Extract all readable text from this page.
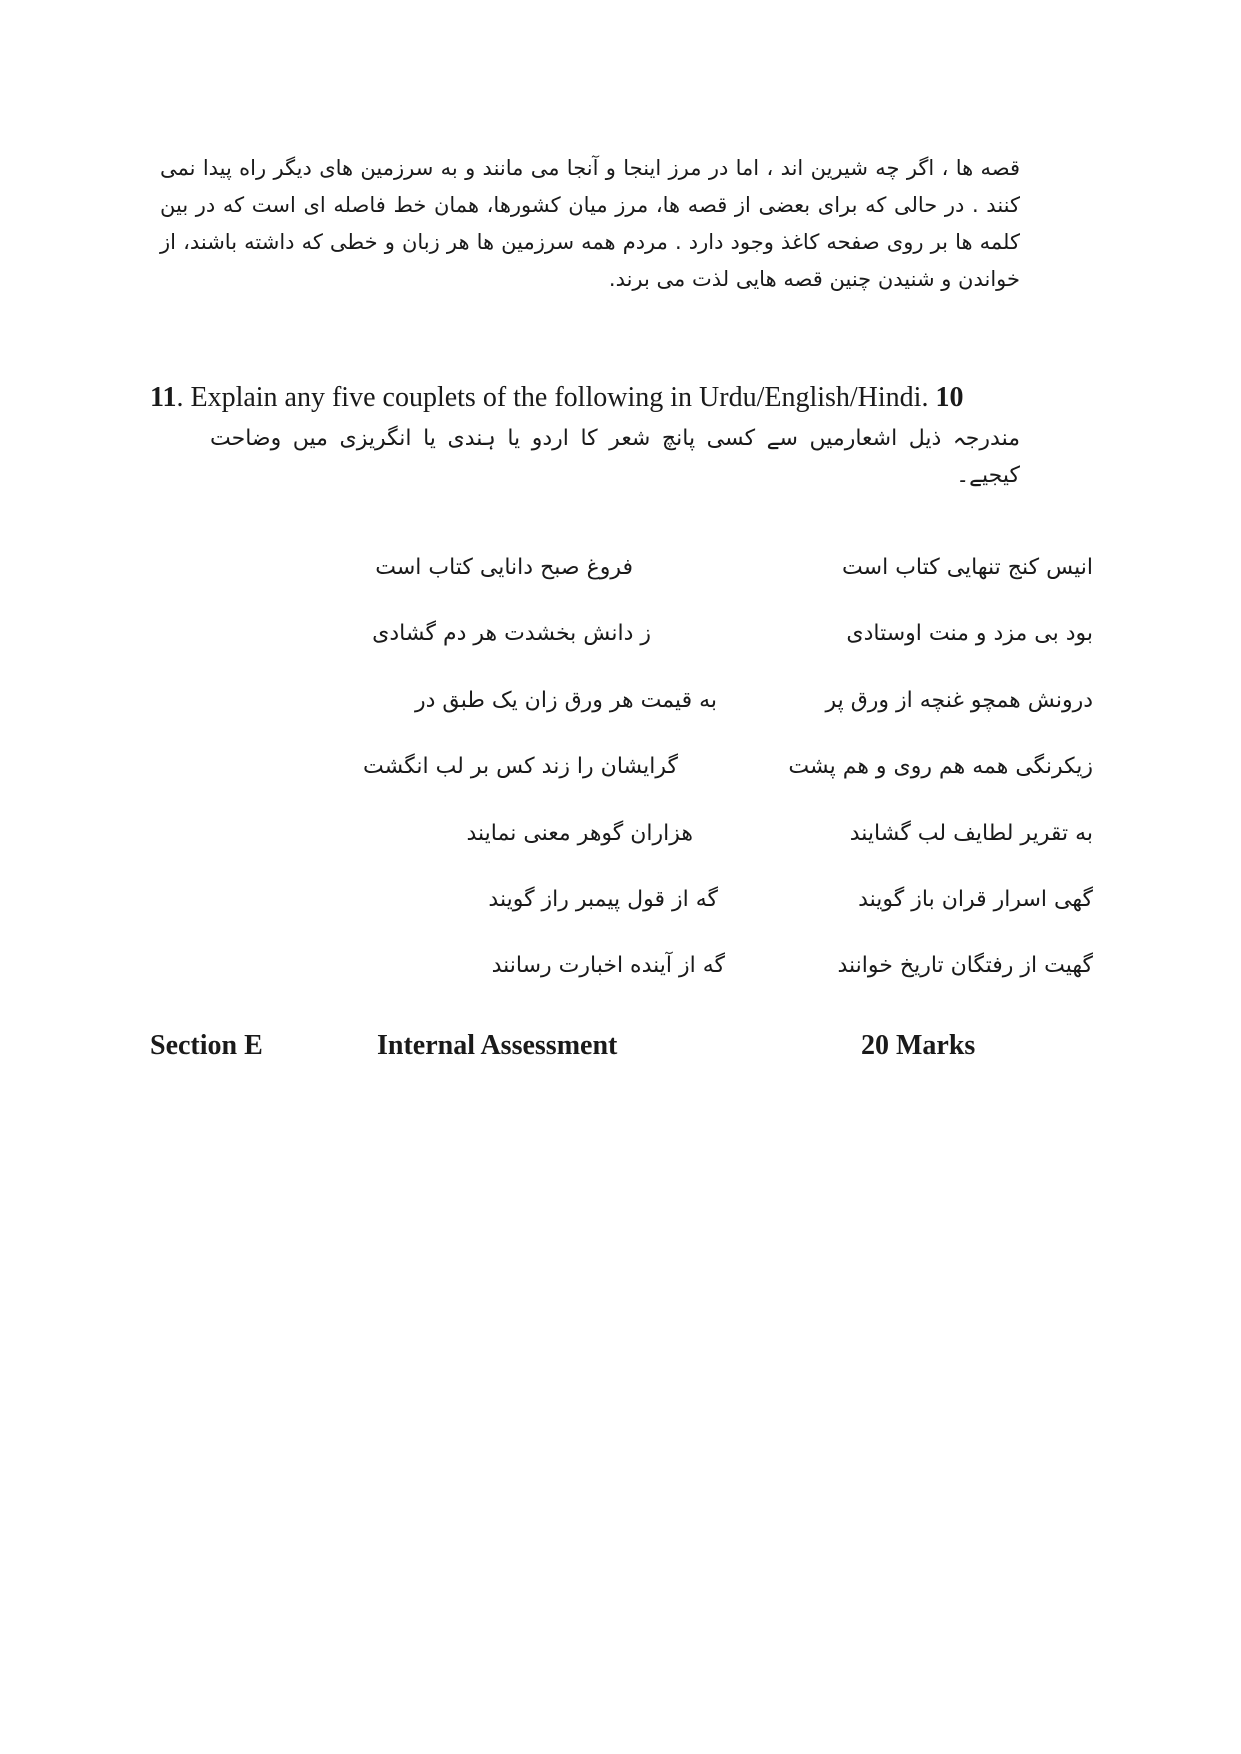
قصه ها ، اگر چه شیرین اند ، اما در مرز اینجا و آنجا می مانند و به سرزمین های دیگر راه پیدا نمی کنند . در حالی که برای بعضی از قصه ها، مرز میان کشورها، همان خط فاصله ای است که در بین کلمه ها بر روی صفحه کاغذ وجود دارد . مردم همه سرزمین ها هر زبان و خطی که داشته باشند، از خواندن و شنیدن چنین قصه هایی لذت می برند.

11. Explain any five couplets of the following in Urdu/English/Hindi. 10

مندرجہ ذیل اشعارمیں سے کسی پانچ شعر کا اردو یا ہندی یا انگریزی میں وضاحت کیجیے۔

انیس کنج تنهایی کتاب است
فروغ صبح دانایی کتاب است
بود بی مزد و منت اوستادی
ز دانش بخشدت هر دم گشادی
درونش همچو غنچه از ورق پر
به قیمت هر ورق زان یک طبق در
زیکرنگی همه هم روی و هم پشت
گرایشان را زند کس بر لب انگشت
به تقریر لطایف لب گشایند
هزاران گوهر معنی نمایند
گهی اسرار قران باز گویند
گه از قول پیمبر راز گویند
گهیت از رفتگان تاریخ خوانند
گه از آینده اخبارت رسانند
Section E	Internal Assessment	20 Marks
